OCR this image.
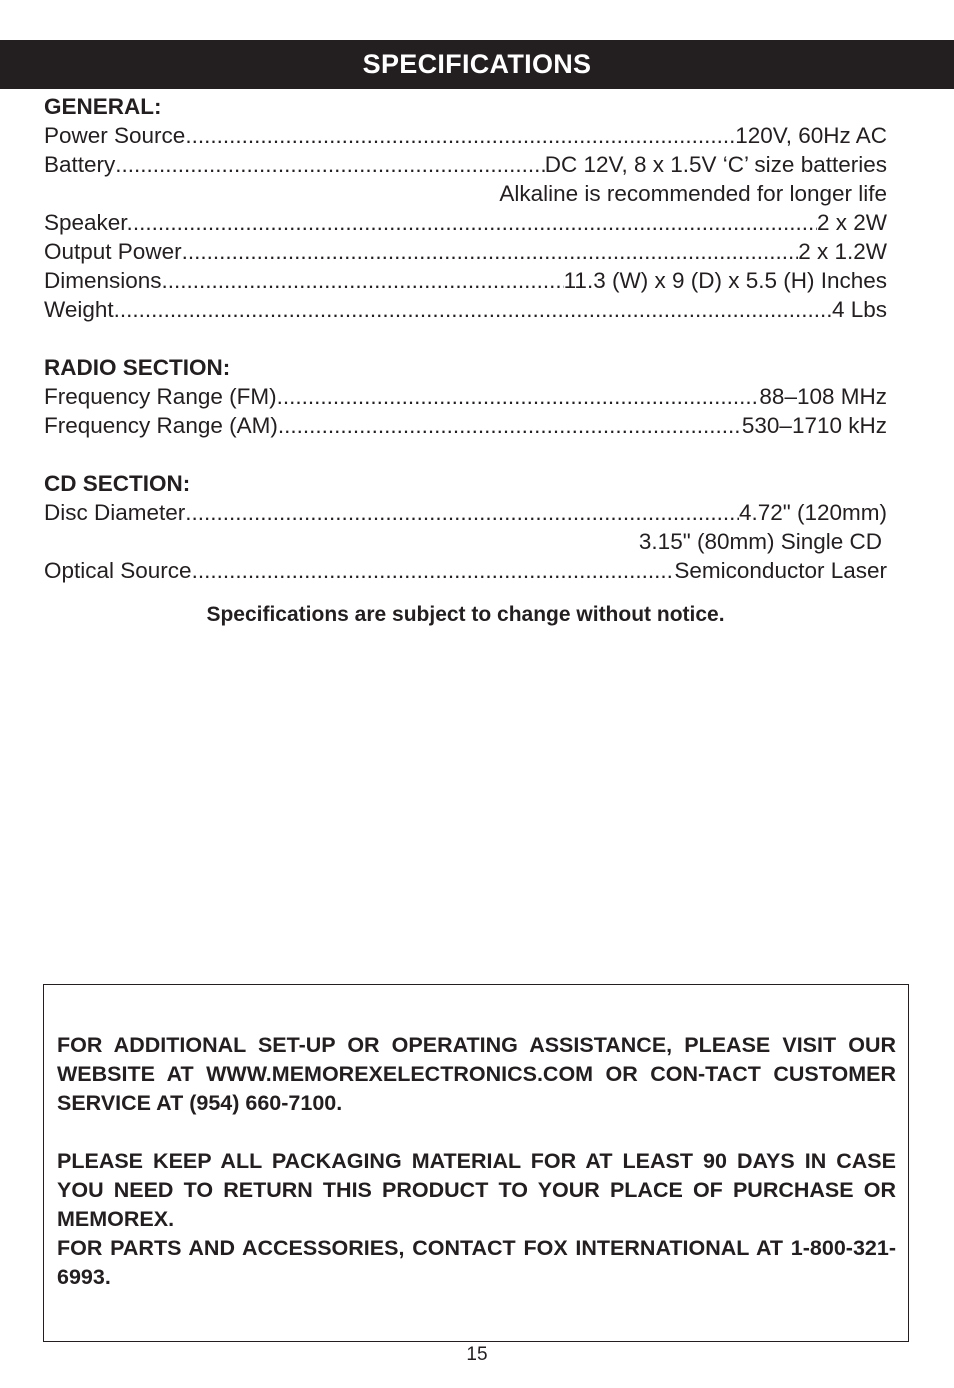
SPECIFICATIONS
GENERAL:
Power Source .....	120V, 60Hz AC
Battery .....	DC 12V, 8 x 1.5V ‘C’ size batteries
Alkaline is recommended for longer life
Speaker. .....	2 x 2W
Output Power .....	2 x 1.2W
Dimensions .....	11.3 (W) x 9 (D) x 5.5 (H) Inches
Weight .....	4 Lbs
RADIO SECTION:
Frequency Range (FM) .....	88–108 MHz
Frequency Range (AM) .....	530–1710 kHz
CD SECTION:
Disc Diameter .....	4.72" (120mm)
3.15" (80mm) Single CD
Optical Source .....	Semiconductor Laser
Specifications are subject to change without notice.

FOR ADDITIONAL SET-UP OR OPERATING ASSISTANCE, PLEASE VISIT OUR WEBSITE AT WWW.MEMOREXELECTRONICS.COM OR CON-TACT CUSTOMER SERVICE AT (954) 660-7100.

PLEASE KEEP ALL PACKAGING MATERIAL FOR AT LEAST 90 DAYS IN CASE YOU NEED TO RETURN THIS PRODUCT TO YOUR PLACE OF PURCHASE OR MEMOREX.

FOR PARTS AND ACCESSORIES, CONTACT FOX INTERNATIONAL AT 1-800-321-6993.

15
